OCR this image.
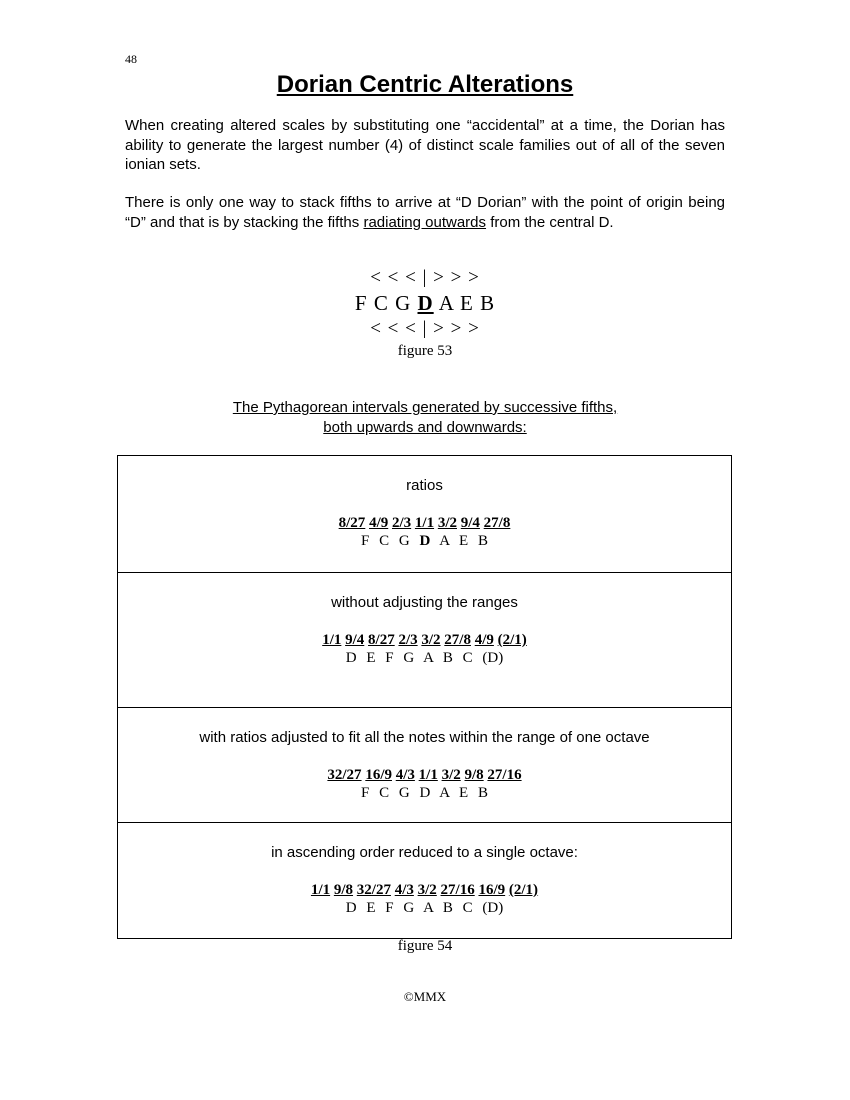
48
Dorian Centric Alterations
When creating altered scales by substituting one “accidental” at a time, the Dorian has ability to generate the largest number (4) of distinct scale families out of all of the seven ionian sets.
There is only one way to stack fifths to arrive at “D Dorian” with the point of origin being “D” and that is by stacking the fifths radiating outwards from the central D.
< < < | > > >
F C G D A E B
< < < | > > >
figure 53
The Pythagorean intervals generated by successive fifths,
both upwards and downwards:
ratios
8/27 4/9 2/3 1/1 3/2 9/4 27/8
F C G D A E B
without adjusting the ranges
1/1 9/4 8/27 2/3 3/2 27/8 4/9 (2/1)
D E F G A B C (D)
with ratios adjusted to fit all the notes within the range of one octave
32/27 16/9 4/3 1/1 3/2 9/8 27/16
F C G D A E B
in ascending order reduced to a single octave:
1/1 9/8 32/27 4/3 3/2 27/16 16/9 (2/1)
D E F G A B C (D)
figure 54
©MMX
